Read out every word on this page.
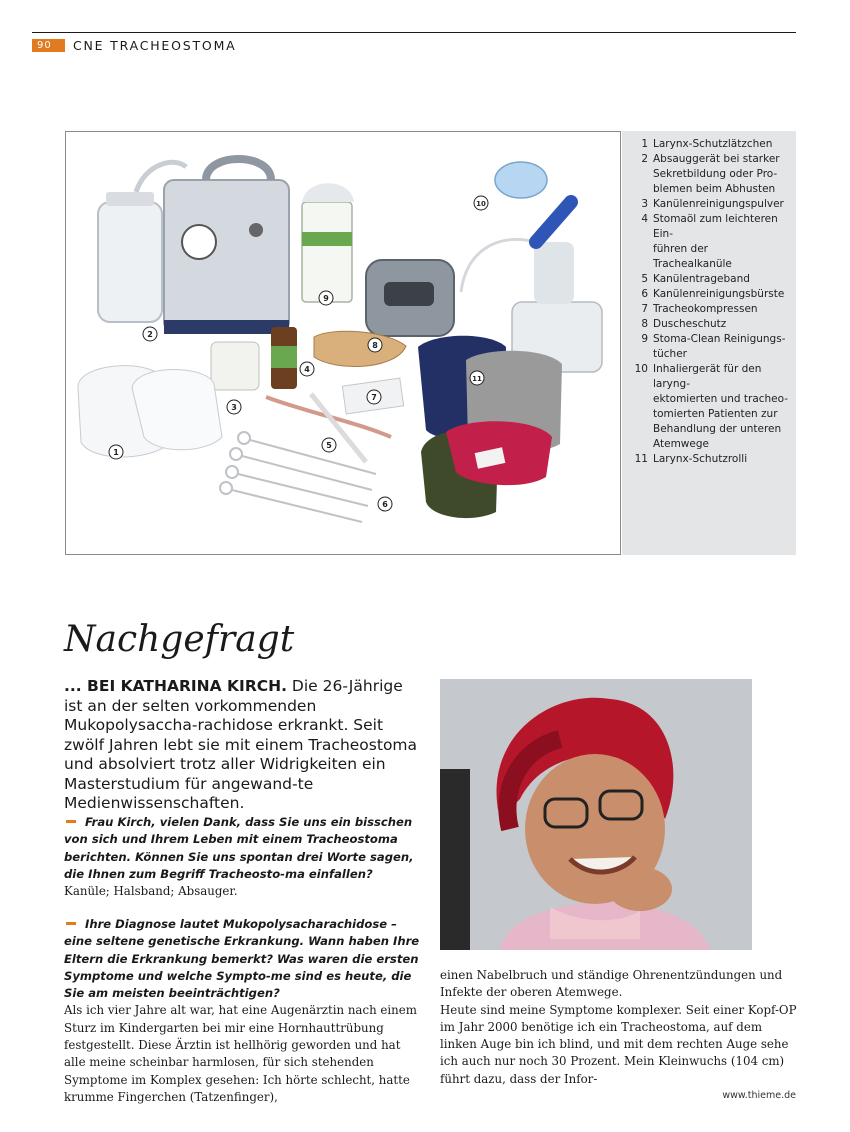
90	CNE TRACHEOSTOMA
1
2
3
4
5
6
7
8
9
10
11
1 Larynx-Schutzlätzchen
2 Absauggerät bei starker
Sekretbildung oder Pro-
blemen beim Abhusten
3 Kanülenreinigungspulver
4 Stomaöl zum leichteren Ein-
führen der Trachealkanüle
5 Kanülentrageband
6 Kanülenreinigungsbürste
7 Tracheokompressen
8 Duscheschutz
9 Stoma-Clean Reinigungs-
tücher
10 Inhaliergerät für den laryng-
ektomierten und tracheo-
tomierten Patienten zur
Behandlung der unteren
Atemwege
11 Larynx-Schutzrolli
Nachgefragt
... BEI KATHARINA KIRCH. Die 26-Jährige ist an der selten vorkommenden Mukopolysaccha-rachidose erkrankt. Seit zwölf Jahren lebt sie mit einem Tracheostoma und absolviert trotz aller Widrigkeiten ein Masterstudium für angewand-te Medienwissenschaften.
Frau Kirch, vielen Dank, dass Sie uns ein bisschen von sich und Ihrem Leben mit einem Tracheostoma berichten. Können Sie uns spontan drei Worte sagen, die Ihnen zum Begriff Tracheosto-ma einfallen?
Kanüle; Halsband; Absauger.
Ihre Diagnose lautet Mukopolysacharachidose – eine seltene genetische Erkrankung. Wann haben Ihre Eltern die Erkrankung bemerkt? Was waren die ersten Symptome und welche Sympto-me sind es heute, die Sie am meisten beeinträchtigen?
Als ich vier Jahre alt war, hat eine Augenärztin nach einem Sturz im Kindergarten bei mir eine Hornhauttrübung festgestellt. Diese Ärztin ist hellhörig geworden und hat alle meine scheinbar harmlosen, für sich stehenden Symptome im Komplex gesehen: Ich hörte schlecht, hatte krumme Fingerchen (Tatzenfinger),
einen Nabelbruch und ständige Ohrenentzündungen und Infekte der oberen Atemwege.
Heute sind meine Symptome komplexer. Seit einer Kopf-OP im Jahr 2000 benötige ich ein Tracheostoma, auf dem linken Auge bin ich blind, und mit dem rechten Auge sehe ich auch nur noch 30 Prozent. Mein Kleinwuchs (104 cm) führt dazu, dass der Infor-
www.thieme.de
